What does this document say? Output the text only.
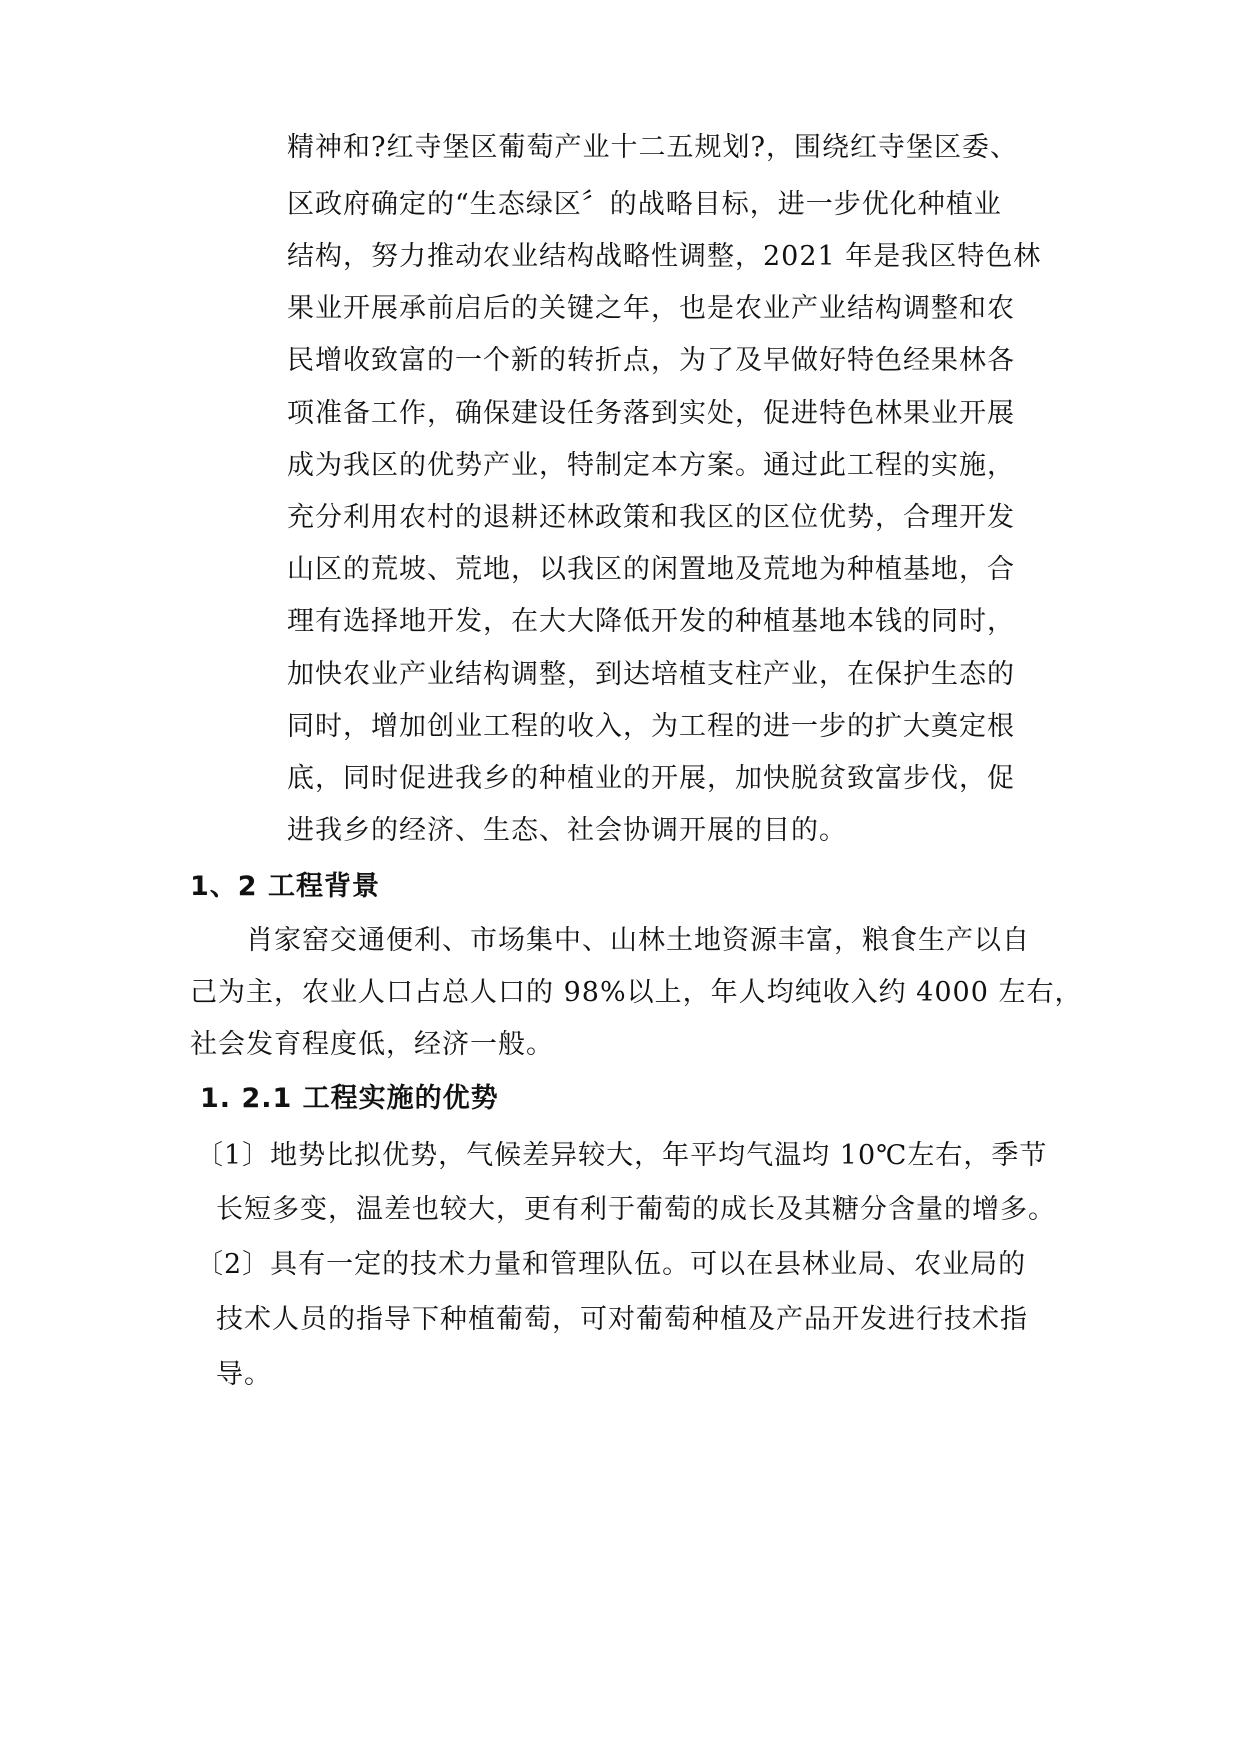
精神和?红寺堡区葡萄产业十二五规划?，围绕红寺堡区委、
区政府确定的“生态绿区〞的战略目标，进一步优化种植业
结构，努力推动农业结构战略性调整，2021 年是我区特色林
果业开展承前启后的关键之年，也是农业产业结构调整和农
民增收致富的一个新的转折点，为了及早做好特色经果林各
项准备工作，确保建设任务落到实处，促进特色林果业开展
成为我区的优势产业，特制定本方案。通过此工程的实施，
充分利用农村的退耕还林政策和我区的区位优势，合理开发
山区的荒坡、荒地，以我区的闲置地及荒地为种植基地，合
理有选择地开发，在大大降低开发的种植基地本钱的同时，
加快农业产业结构调整，到达培植支柱产业，在保护生态的
同时，增加创业工程的收入，为工程的进一步的扩大奠定根
底，同时促进我乡的种植业的开展，加快脱贫致富步伐，促
进我乡的经济、生态、社会协调开展的目的。
1、2 工程背景
肖家窑交通便利、市场集中、山林土地资源丰富，粮食生产以自
己为主，农业人口占总人口的 98%以上，年人均纯收入约 4000 左右，
社会发育程度低，经济一般。
1. 2.1 工程实施的优势
〔1〕地势比拟优势，气候差异较大，年平均气温均 10℃左右，季节
长短多变，温差也较大，更有利于葡萄的成长及其糖分含量的增多。
〔2〕具有一定的技术力量和管理队伍。可以在县林业局、农业局的
技术人员的指导下种植葡萄，可对葡萄种植及产品开发进行技术指
导。
